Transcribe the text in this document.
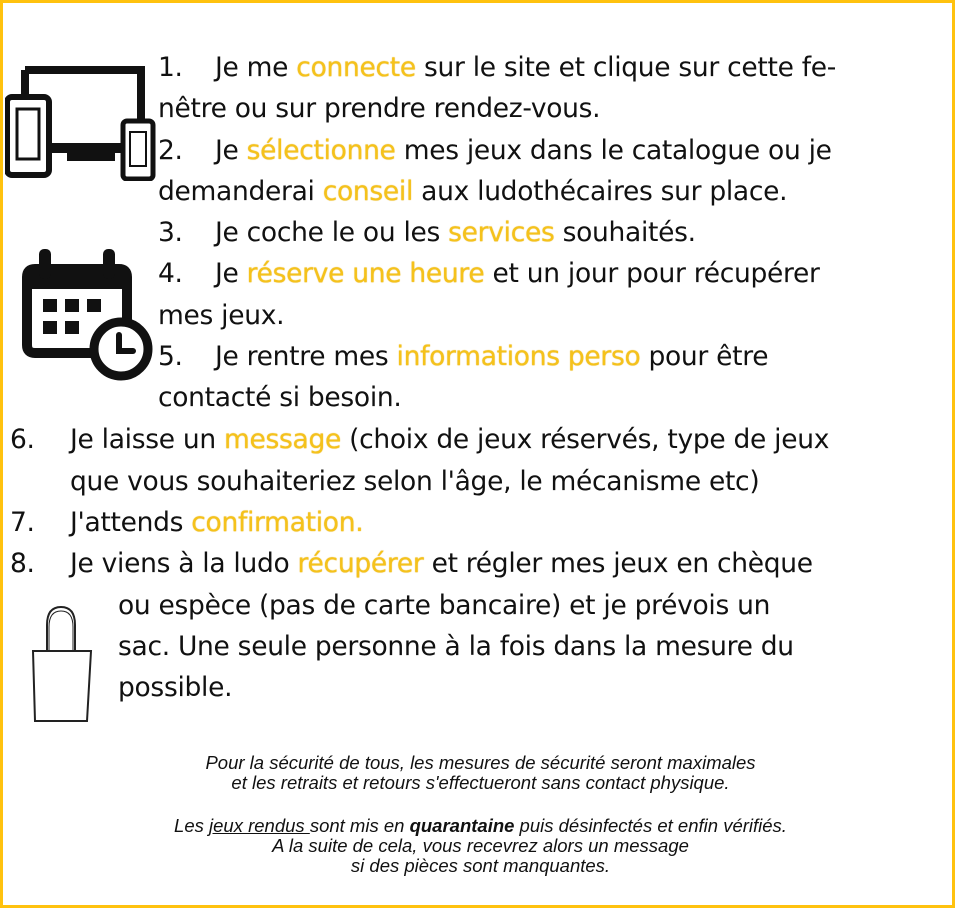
1. Je me connecte sur le site et clique sur cette fe-
nêtre ou sur prendre rendez-vous.
2. Je sélectionne mes jeux dans le catalogue ou je
demanderai conseil aux ludothécaires sur place.
3. Je coche le ou les services souhaités.
4. Je réserve une heure et un jour pour récupérer
mes jeux.
5. Je rentre mes informations perso pour être
contacté si besoin.
6. Je laisse un message (choix de jeux réservés, type de jeux
que vous souhaiteriez selon l'âge, le mécanisme etc)
7. J'attends confirmation.
8. Je viens à la ludo récupérer et régler mes jeux en chèque
ou espèce (pas de carte bancaire) et je prévois un
sac. Une seule personne à la fois dans la mesure du
possible.
Pour la sécurité de tous, les mesures de sécurité seront maximales
et les retraits et retours s'effectueront sans contact physique.
Les jeux rendus sont mis en quarantaine puis désinfectés et enfin vérifiés.
A la suite de cela, vous recevrez alors un message
si des pièces sont manquantes.
